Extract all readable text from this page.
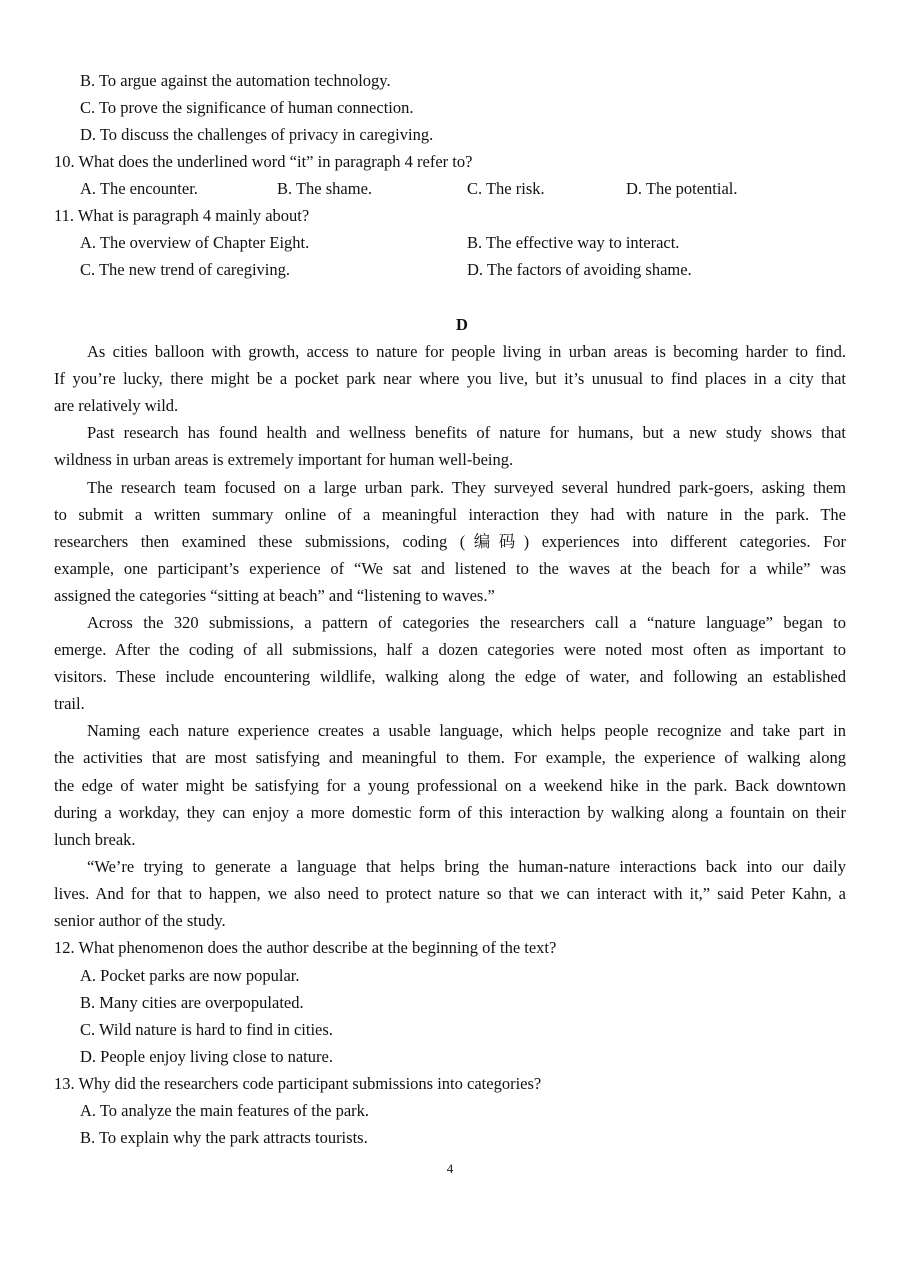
B. To argue against the automation technology.

C. To prove the significance of human connection.

D. To discuss the challenges of privacy in caregiving.

10. What does the underlined word “it” in paragraph 4 refer to?

A. The encounter.	B. The shame.	C. The risk.	D. The potential.

11. What is paragraph 4 mainly about?

A. The overview of Chapter Eight.	B. The effective way to interact.

C. The new trend of caregiving.	D. The factors of avoiding shame.

D

As cities balloon with growth, access to nature for people living in urban areas is becoming harder to find.

If you’re lucky, there might be a pocket park near where you live, but it’s unusual to find places in a city that

are relatively wild.

Past research has found health and wellness benefits of nature for humans, but a new study shows that

wildness in urban areas is extremely important for human well-being.

The research team focused on a large urban park. They surveyed several hundred park-goers, asking them

to submit a written summary online of a meaningful interaction they had with nature in the park. The

researchers then examined these submissions, coding (编码) experiences into different categories. For

example, one participant’s experience of “We sat and listened to the waves at the beach for a while” was

assigned the categories “sitting at beach” and “listening to waves.”

Across the 320 submissions, a pattern of categories the researchers call a “nature language” began to

emerge. After the coding of all submissions, half a dozen categories were noted most often as important to

visitors. These include encountering wildlife, walking along the edge of water, and following an established

trail.

Naming each nature experience creates a usable language, which helps people recognize and take part in

the activities that are most satisfying and meaningful to them. For example, the experience of walking along

the edge of water might be satisfying for a young professional on a weekend hike in the park. Back downtown

during a workday, they can enjoy a more domestic form of this interaction by walking along a fountain on their

lunch break.

“We’re trying to generate a language that helps bring the human-nature interactions back into our daily

lives. And for that to happen, we also need to protect nature so that we can interact with it,” said Peter Kahn, a

senior author of the study.

12. What phenomenon does the author describe at the beginning of the text?

A. Pocket parks are now popular.

B. Many cities are overpopulated.

C. Wild nature is hard to find in cities.

D. People enjoy living close to nature.

13. Why did the researchers code participant submissions into categories?

A. To analyze the main features of the park.

B. To explain why the park attracts tourists.

4
